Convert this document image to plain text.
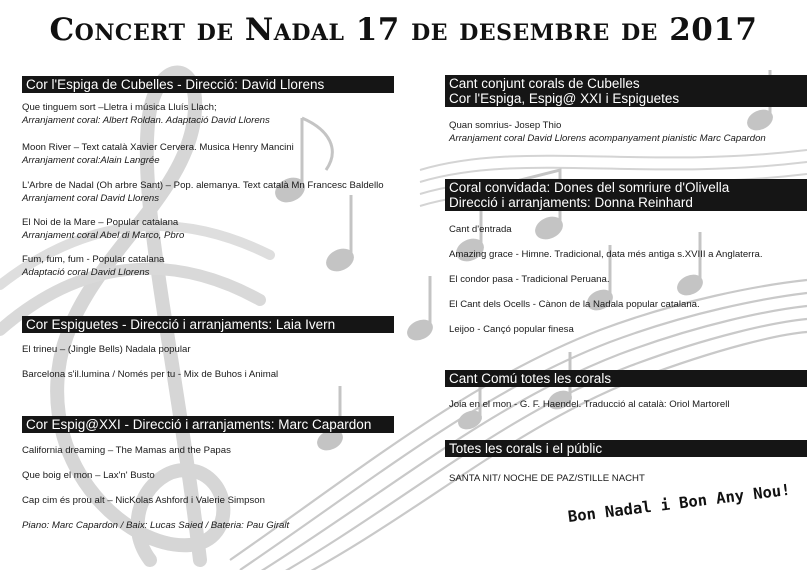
Concert de Nadal 17 de desembre de 2017
Cor l'Espiga de Cubelles - Direcció: David Llorens
Que tinguem sort –Lletra i música Lluís Llach;
Arranjament coral: Albert Roldan. Adaptació David Llorens
Moon River – Text català Xavier Cervera. Musica Henry Mancini
Arranjament coral:Alain Langrée
L'Arbre de Nadal (Oh arbre Sant) – Pop. alemanya. Text català Mn Francesc Baldello
Arranjament coral David Llorens
El Noi de la Mare – Popular catalana
Arranjament coral Abel di Marco, Pbro
Fum, fum, fum - Popular catalana
Adaptació coral David Llorens
Cor Espiguetes - Direcció i arranjaments: Laia Ivern
El trineu – (Jingle Bells) Nadala popular
Barcelona s'il.lumina / Només per tu - Mix de Buhos i Animal
Cor Espig@XXI - Direcció i arranjaments: Marc Capardon
California dreaming – The Mamas and the Papas
Que boig el mon – Lax'n' Busto
Cap cim és prou alt – NicKolas Ashford i Valerie Simpson
Piano: Marc Capardon / Baix: Lucas Saied / Bateria: Pau Giralt
Cant conjunt corals de Cubelles
Cor l'Espiga, Espig@ XXI i Espiguetes
Quan somrius- Josep Thio
Arranjament coral David Llorens acompanyament pianistic Marc Capardon
Coral convidada: Dones del somriure d'Olivella
Direcció i arranjaments: Donna Reinhard
Cant d'entrada
Amazing grace - Himne. Tradicional, data més antiga s.XVIII a Anglaterra.
El condor pasa - Tradicional Peruana.
El Cant dels Ocells - Cànon de la Nadala popular catalana.
Leijoo - Cançó popular finesa
Cant Comú totes les corals
Joia en el mon - G. F. Haendel. Traducció al català: Oriol Martorell
Totes les corals i el públic
SANTA NIT/ NOCHE DE PAZ/STILLE NACHT
Bon Nadal i Bon Any Nou!
